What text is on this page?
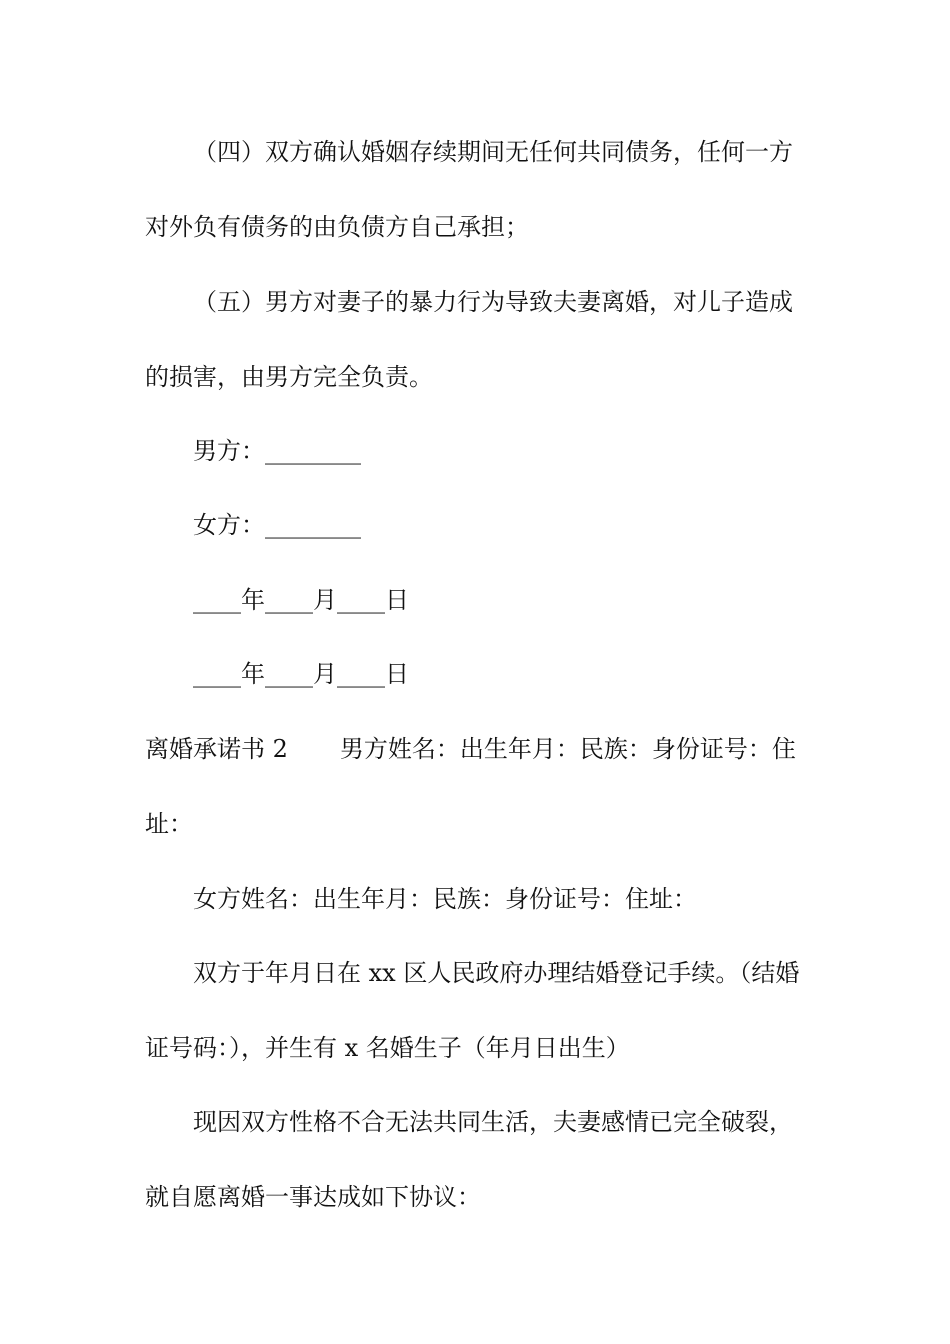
（四）双方确认婚姻存续期间无任何共同债务，任何一方
对外负有债务的由负债方自己承担；
（五）男方对妻子的暴力行为导致夫妻离婚，对儿子造成
的损害，由男方完全负责。
男方：________
女方：________
____年____月____日
____年____月____日
离婚承诺书 2 男方姓名：出生年月：民族：身份证号：住
址：
女方姓名：出生年月：民族：身份证号：住址：
双方于年月日在 xx 区人民政府办理结婚登记手续。（结婚
证号码：），并生有 x 名婚生子（年月日出生）
现因双方性格不合无法共同生活，夫妻感情已完全破裂，
就自愿离婚一事达成如下协议：
